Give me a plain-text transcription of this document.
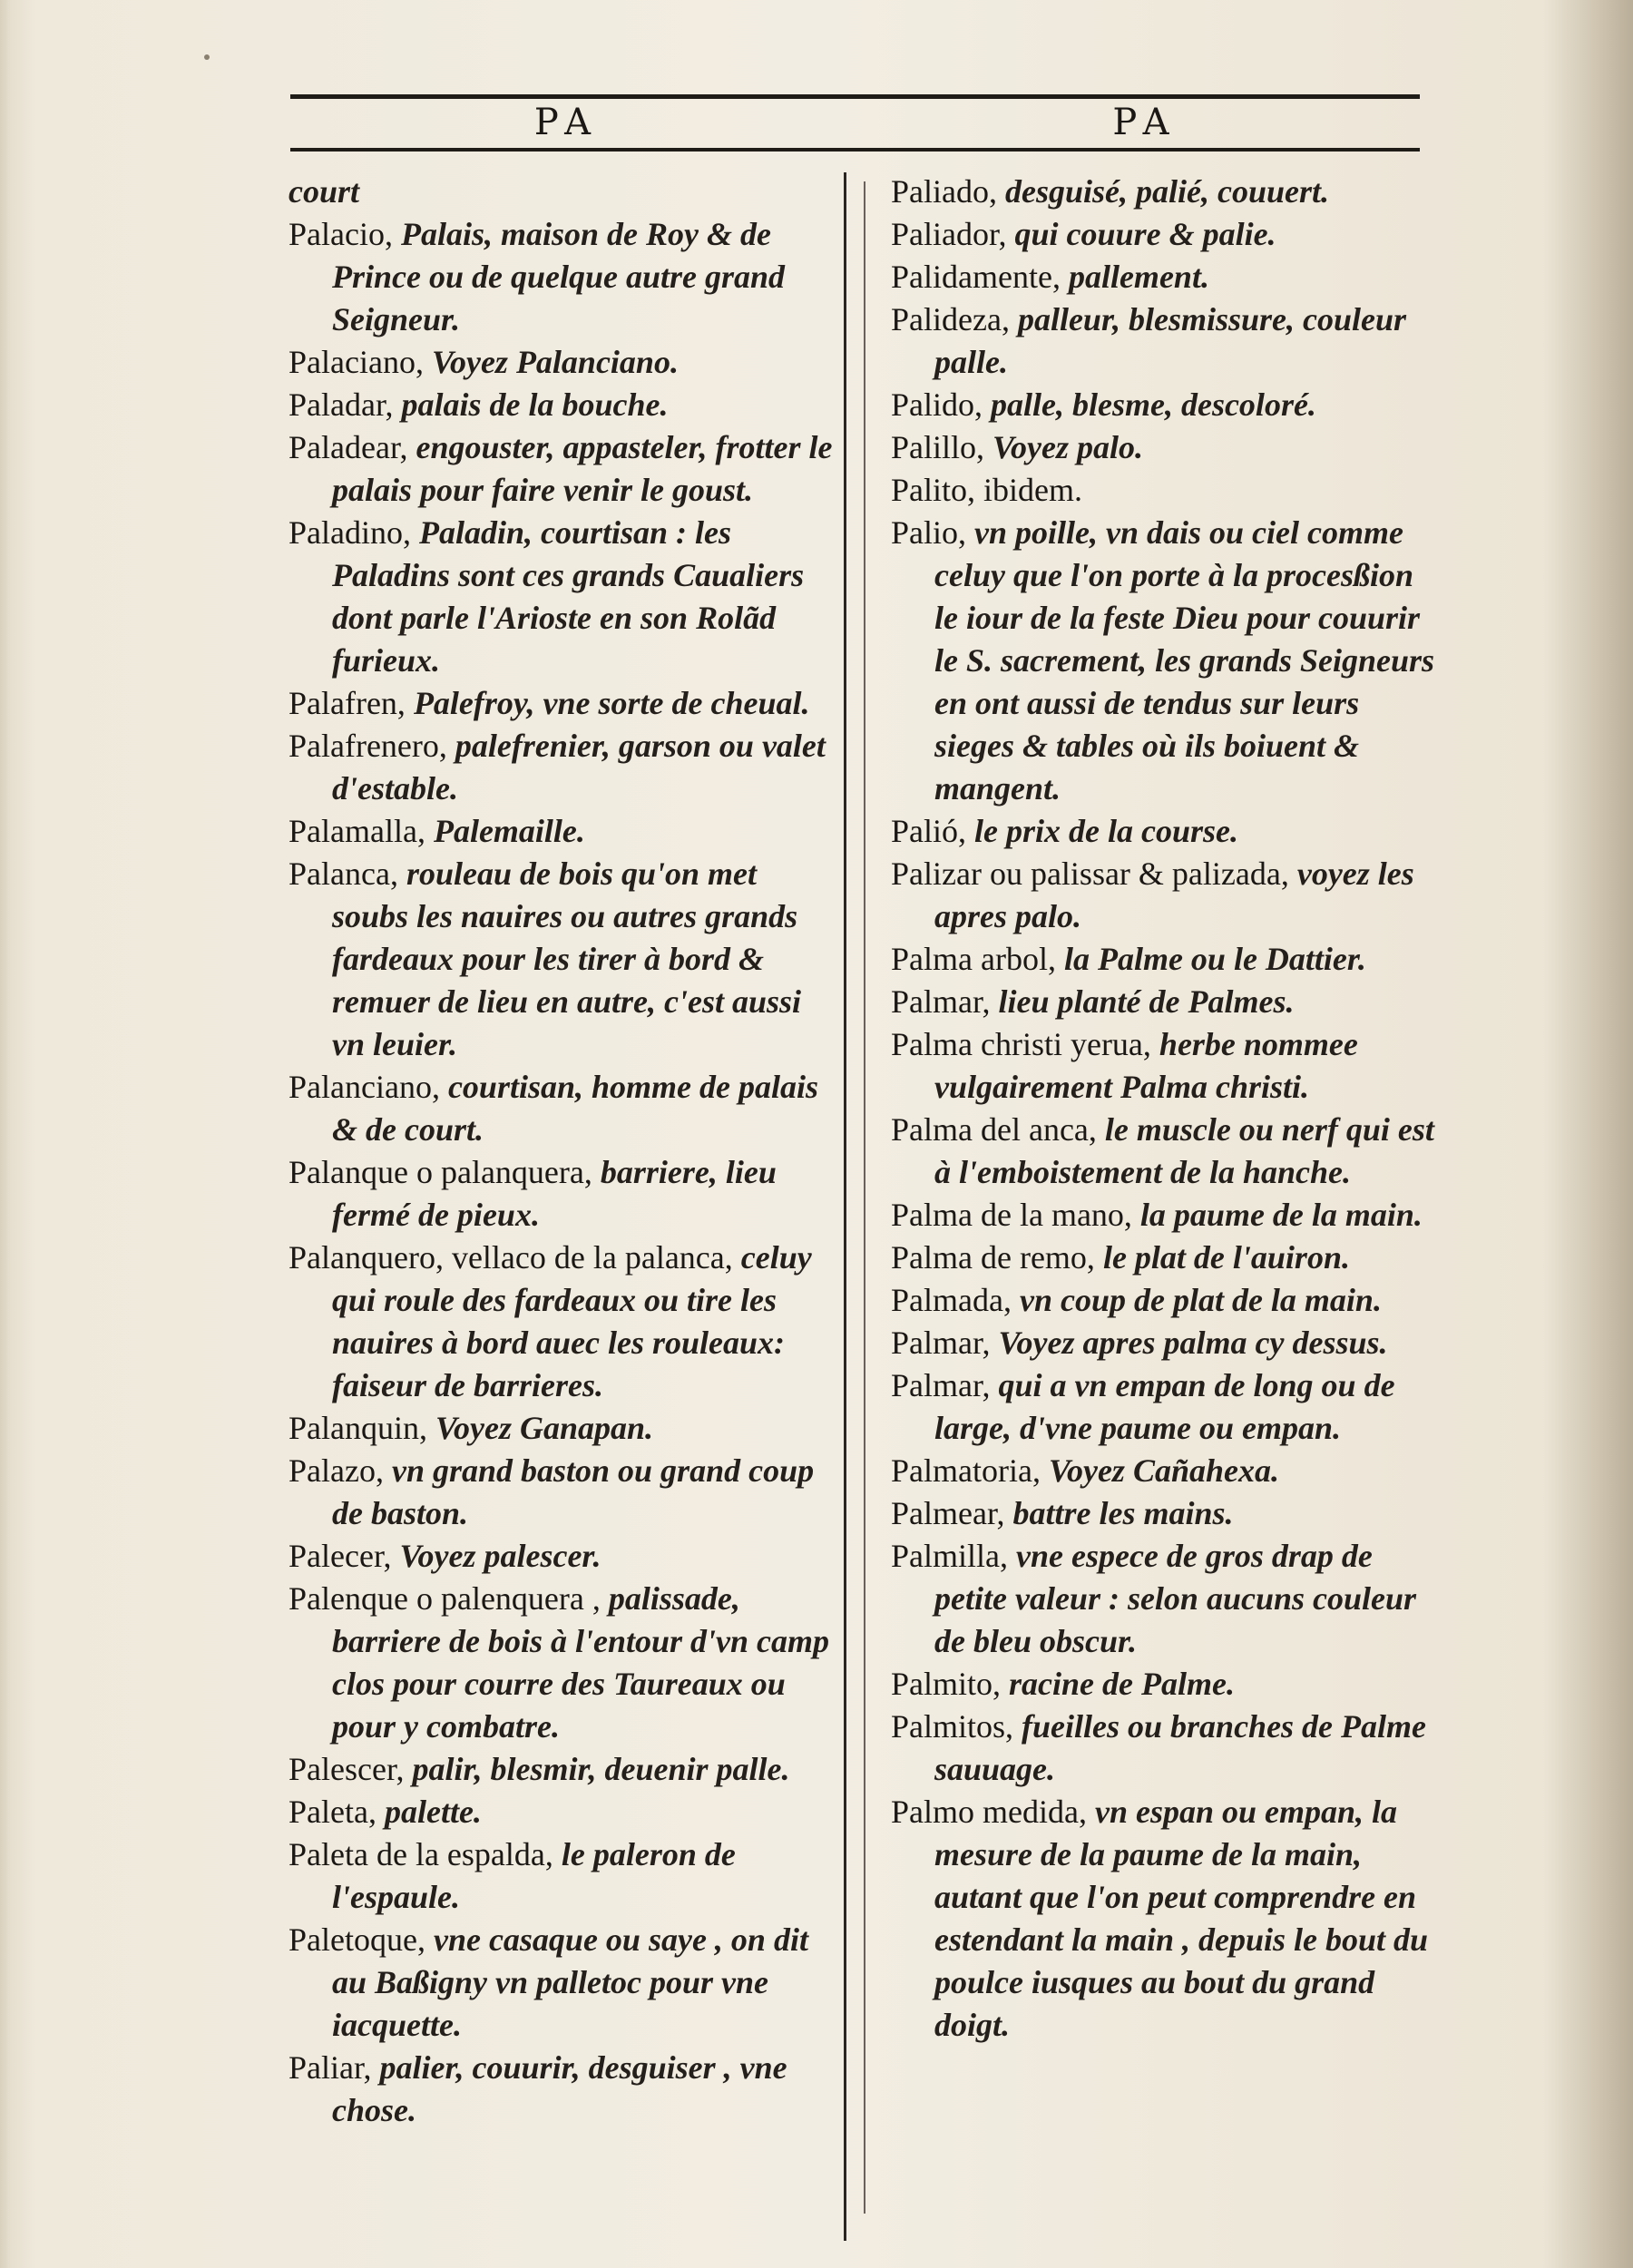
PA	PA

court

Palacio, Palais, maison de Roy & de Prince ou de quelque autre grand Seigneur.

Palaciano, Voyez Palanciano.

Paladar, palais de la bouche.

Paladear, engouster, appasteler, frotter le palais pour faire venir le goust.

Paladino, Paladin, courtisan : les Paladins sont ces grands Caualiers dont parle l'Arioste en son Rolãd furieux.

Palafren, Palefroy, vne sorte de cheual.

Palafrenero, palefrenier, garson ou valet d'estable.

Palamalla, Palemaille.

Palanca, rouleau de bois qu'on met soubs les nauires ou autres grands fardeaux pour les tirer à bord & remuer de lieu en autre, c'est aussi vn leuier.

Palanciano, courtisan, homme de palais & de court.

Palanque o palanquera, barriere, lieu fermé de pieux.

Palanquero, vellaco de la palanca, celuy qui roule des fardeaux ou tire les nauires à bord auec les rouleaux: faiseur de barrieres.

Palanquin, Voyez Ganapan.

Palazo, vn grand baston ou grand coup de baston.

Palecer, Voyez palescer.

Palenque o palenquera , palissade, barriere de bois à l'entour d'vn camp clos pour courre des Taureaux ou pour y combatre.

Palescer, palir, blesmir, deuenir palle.

Paleta, palette.

Paleta de la espalda, le paleron de l'espaule.

Paletoque, vne casaque ou saye , on dit au Baßigny vn palletoc pour vne iacquette.

Paliar, palier, couurir, desguiser , vne chose.

Paliado, desguisé, palié, couuert.

Paliador, qui couure & palie.

Palidamente, pallement.

Palideza, palleur, blesmissure, couleur palle.

Palido, palle, blesme, descoloré.

Palillo, Voyez palo.

Palito, ibidem.

Palio, vn poille, vn dais ou ciel comme celuy que l'on porte à la procesßion le iour de la feste Dieu pour couurir le S. sacrement, les grands Seigneurs en ont aussi de tendus sur leurs sieges & tables où ils boiuent & mangent.

Palió, le prix de la course.

Palizar ou palissar & palizada, voyez les apres palo.

Palma arbol, la Palme ou le Dattier.

Palmar, lieu planté de Palmes.

Palma christi yerua, herbe nommee vulgairement Palma christi.

Palma del anca, le muscle ou nerf qui est à l'emboistement de la hanche.

Palma de la mano, la paume de la main.

Palma de remo, le plat de l'auiron.

Palmada, vn coup de plat de la main.

Palmar, Voyez apres palma cy dessus.

Palmar, qui a vn empan de long ou de large, d'vne paume ou empan.

Palmatoria, Voyez Cañahexa.

Palmear, battre les mains.

Palmilla, vne espece de gros drap de petite valeur : selon aucuns couleur de bleu obscur.

Palmito, racine de Palme.

Palmitos, fueilles ou branches de Palme sauuage.

Palmo medida, vn espan ou empan, la mesure de la paume de la main, autant que l'on peut comprendre en estendant la main , depuis le bout du poulce iusques au bout du grand doigt.
